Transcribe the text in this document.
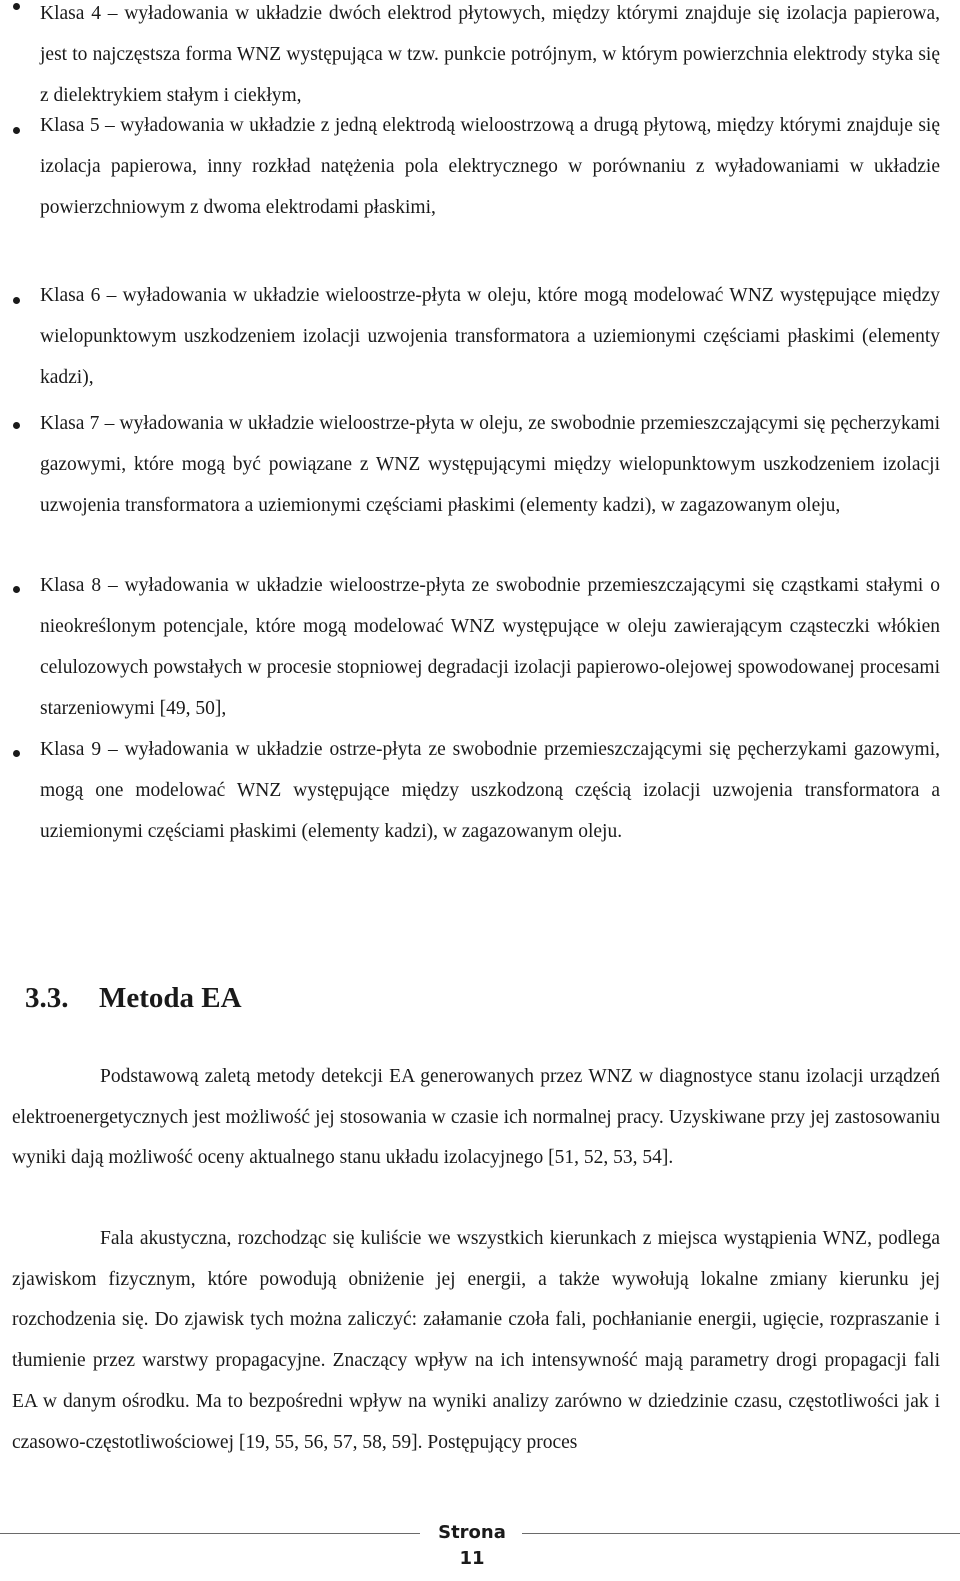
Klasa 4 – wyładowania w układzie dwóch elektrod płytowych, między którymi znajduje się izolacja papierowa, jest to najczęstsza forma WNZ występująca w tzw. punkcie potrójnym, w którym powierzchnia elektrody styka się z dielektrykiem stałym i ciekłym,
Klasa 5 – wyładowania w układzie z jedną elektrodą wieloostrzową a drugą płytową, między którymi znajduje się izolacja papierowa, inny rozkład natężenia pola elektrycznego w porównaniu z wyładowaniami w układzie powierzchniowym z dwoma elektrodami płaskimi,
Klasa 6 – wyładowania w układzie wieloostrze-płyta w oleju, które mogą modelować WNZ występujące między wielopunktowym uszkodzeniem izolacji uzwojenia transformatora a uziemionymi częściami płaskimi (elementy kadzi),
Klasa 7 – wyładowania w układzie wieloostrze-płyta w oleju, ze swobodnie przemieszczającymi się pęcherzykami gazowymi, które mogą być powiązane z WNZ występującymi między wielopunktowym uszkodzeniem izolacji uzwojenia transformatora a uziemionymi częściami płaskimi (elementy kadzi), w zagazowanym oleju,
Klasa 8 – wyładowania w układzie wieloostrze-płyta ze swobodnie przemieszczającymi się cząstkami stałymi o nieokreślonym potencjale, które mogą modelować WNZ występujące w oleju zawierającym cząsteczki włókien celulozowych powstałych w procesie stopniowej degradacji izolacji papierowo-olejowej spowodowanej procesami starzeniowymi [49, 50],
Klasa 9 – wyładowania w układzie ostrze-płyta ze swobodnie przemieszczającymi się pęcherzykami gazowymi, mogą one modelować WNZ występujące między uszkodzoną częścią izolacji uzwojenia transformatora a uziemionymi częściami płaskimi (elementy kadzi), w zagazowanym oleju.
3.3. Metoda EA

Podstawową zaletą metody detekcji EA generowanych przez WNZ w diagnostyce stanu izolacji urządzeń elektroenergetycznych jest możliwość jej stosowania w czasie ich normalnej pracy. Uzyskiwane przy jej zastosowaniu wyniki dają możliwość oceny aktualnego stanu układu izolacyjnego [51, 52, 53, 54].

Fala akustyczna, rozchodząc się kuliście we wszystkich kierunkach z miejsca wystąpienia WNZ, podlega zjawiskom fizycznym, które powodują obniżenie jej energii, a także wywołują lokalne zmiany kierunku jej rozchodzenia się. Do zjawisk tych można zaliczyć: załamanie czoła fali, pochłanianie energii, ugięcie, rozpraszanie i tłumienie przez warstwy propagacyjne. Znaczący wpływ na ich intensywność mają parametry drogi propagacji fali EA w danym ośrodku. Ma to bezpośredni wpływ na wyniki analizy zarówno w dziedzinie czasu, częstotliwości jak i czasowo-częstotliwościowej [19, 55, 56, 57, 58, 59]. Postępujący proces

Strona
11
